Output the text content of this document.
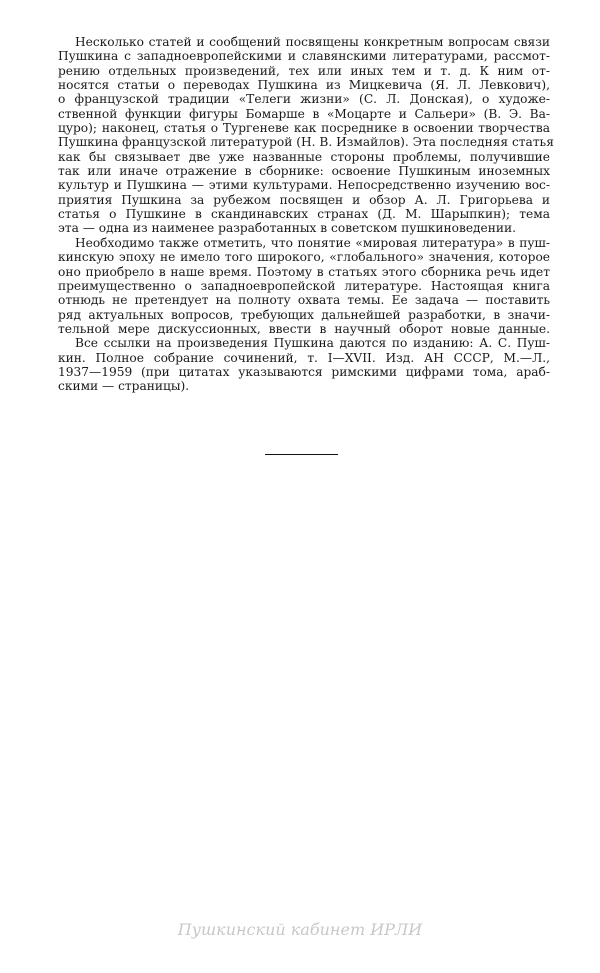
Несколько статей и сообщений посвящены конкретным вопросам связи
Пушкина с западноевропейскими и славянскими литературами, рассмот-
рению отдельных произведений, тех или иных тем и т. д. К ним от-
носятся статьи о переводах Пушкина из Мицкевича (Я. Л. Левкович),
о французской традиции «Телеги жизни» (С. Л. Донская), о художе-
ственной функции фигуры Бомарше в «Моцарте и Сальери» (В. Э. Ва-
цуро); наконец, статья о Тургеневе как посреднике в освоении творчества
Пушкина французской литературой (Н. В. Измайлов). Эта последняя статья
как бы связывает две уже названные стороны проблемы, получившие
так или иначе отражение в сборнике: освоение Пушкиным иноземных
культур и Пушкина — этими культурами. Непосредственно изучению вос-
приятия Пушкина за рубежом посвящен и обзор А. Л. Григорьева и
статья о Пушкине в скандинавских странах (Д. М. Шарыпкин); тема
эта — одна из наименее разработанных в советском пушкиноведении.
Необходимо также отметить, что понятие «мировая литература» в пуш-
кинскую эпоху не имело того широкого, «глобального» значения, которое
оно приобрело в наше время. Поэтому в статьях этого сборника речь идет
преимущественно о западноевропейской литературе. Настоящая книга
отнюдь не претендует на полноту охвата темы. Ее задача — поставить
ряд актуальных вопросов, требующих дальнейшей разработки, в значи-
тельной мере дискуссионных, ввести в научный оборот новые данные.
Все ссылки на произведения Пушкина даются по изданию: А. С. Пуш-
кин. Полное собрание сочинений, т. I—XVII. Изд. АН СССР, М.—Л.,
1937—1959 (при цитатах указываются римскими цифрами тома, араб-
скими — страницы).
Пушкинский кабинет ИРЛИ
